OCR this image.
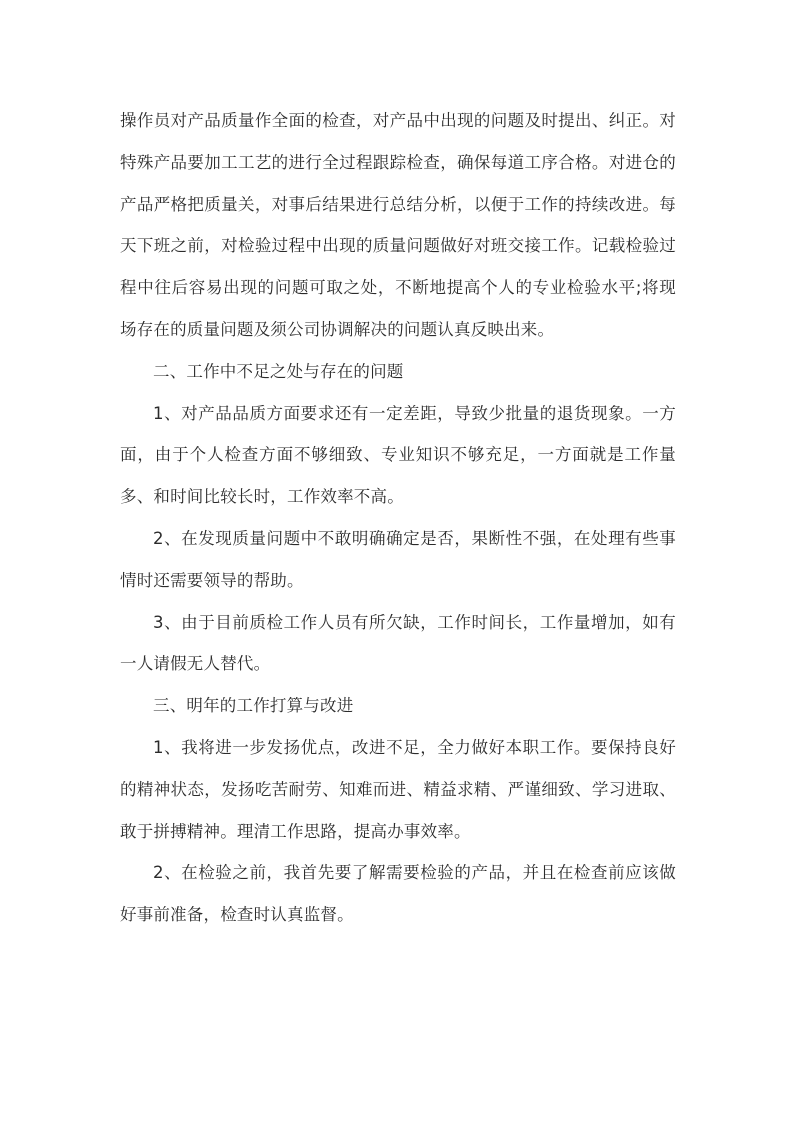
操作员对产品质量作全面的检查，对产品中出现的问题及时提出、纠正。对特殊产品要加工工艺的进行全过程跟踪检查，确保每道工序合格。对进仓的产品严格把质量关，对事后结果进行总结分析，以便于工作的持续改进。每天下班之前，对检验过程中出现的质量问题做好对班交接工作。记载检验过程中往后容易出现的问题可取之处，不断地提高个人的专业检验水平;将现场存在的质量问题及须公司协调解决的问题认真反映出来。

二、工作中不足之处与存在的问题

1、对产品品质方面要求还有一定差距，导致少批量的退货现象。一方面，由于个人检查方面不够细致、专业知识不够充足，一方面就是工作量多、和时间比较长时，工作效率不高。

2、在发现质量问题中不敢明确确定是否，果断性不强，在处理有些事情时还需要领导的帮助。

3、由于目前质检工作人员有所欠缺，工作时间长，工作量增加，如有一人请假无人替代。

三、明年的工作打算与改进

1、我将进一步发扬优点，改进不足，全力做好本职工作。要保持良好的精神状态，发扬吃苦耐劳、知难而进、精益求精、严谨细致、学习进取、敢于拼搏精神。理清工作思路，提高办事效率。

2、在检验之前，我首先要了解需要检验的产品，并且在检查前应该做好事前准备，检查时认真监督。
